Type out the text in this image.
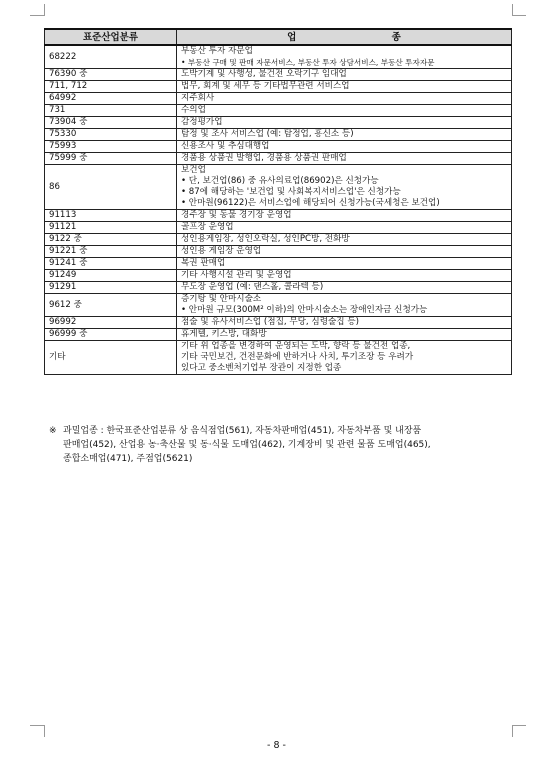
표준산업분류	업 종
68222	부동산 투자 자문업
• 부동산 구매 및 판매 자문서비스, 부동산 투자 상담서비스, 부동산 투자자문

76390 중	도박기계 및 사행성, 불건전 오락기구 임대업

711, 712	법무, 회계 및 세무 등 기타법무관련 서비스업

64992	지주회사

731	수의업

73904 중	감정평가업

75330	탐정 및 조사 서비스업 (예: 탐정업, 흥신소 등)

75993	신용조사 및 추심대행업

75999 중	경품용 상품권 발행업, 경품용 상품권 판매업

86	보건업
• 단, 보건업(86) 중 유사의료업(86902)은 신청가능
• 87에 해당하는 '보건업 및 사회복지서비스업'은 신청가능
• 안마원(96122)은 서비스업에 해당되어 신청가능(국세청은 보건업)

91113	경주장 및 동물 경기장 운영업

91121	골프장 운영업

9122 중	성인용게임장, 성인오락실, 성인PC방, 전화방

91221 중	성인용 게임장 운영업

91241 중	복권 판매업

91249	기타 사행시설 관리 및 운영업

91291	무도장 운영업 (예: 댄스홀, 콜라텍 등)

9612 중	증기탕 및 안마시술소
• 안마원 규모(300M² 이하)의 안마시술소는 장애인자금 신청가능

96992	점술 및 유사서비스업 (점집, 무당, 심령술집 등)

96999 중	휴게텔, 키스방, 대화방

기타	기타 위 업종을 변경하여 운영되는 도박, 향락 등 불건전 업종,
기타 국민보건, 건전문화에 반하거나 사치, 투기조장 등 우려가
있다고 중소벤처기업부 장관이 지정한 업종
※ 과밀업종 : 한국표준산업분류 상 음식점업(561), 자동차판매업(451), 자동차부품 및 내장품
판매업(452), 산업용 농·축산물 및 동·식물 도매업(462), 기계장비 및 관련 물품 도매업(465),
종합소매업(471), 주점업(5621)
- 8 -
